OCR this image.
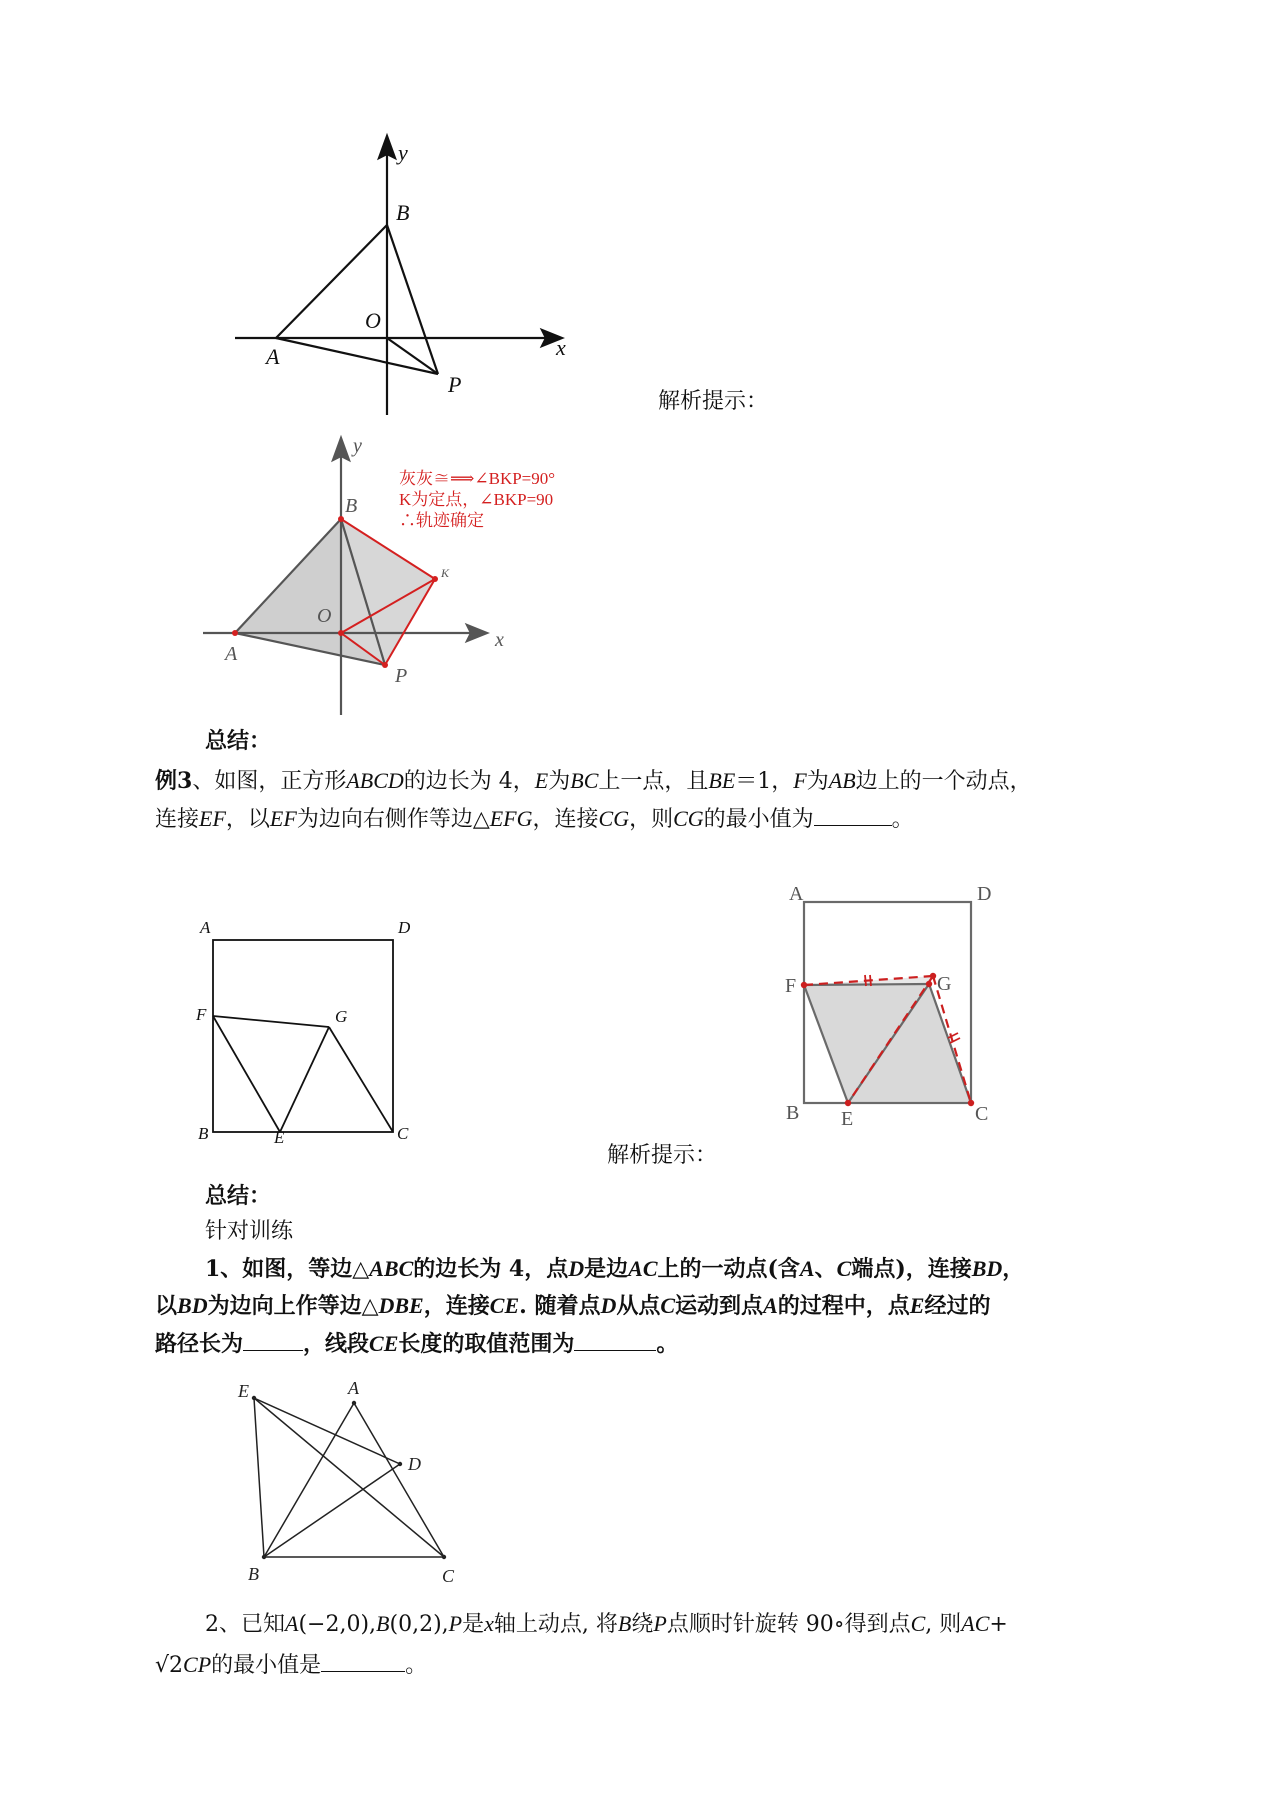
y
B
O
x
A
P
解析提示：
y
B
O
x
A
P
K
灰灰≅⟹∠BKP=90°
K为定点，∠BKP=90
∴轨迹确定
总结：
例3、如图，正方形ABCD的边长为 4，E为BC上一点，且BE＝1，F为AB边上的一个动点，
连接EF，以EF为边向右侧作等边△EFG，连接CG，则CG的最小值为	。
A	D
F	G
B	E	C
A	D
F	G
B E	C
解析提示：
总结：
针对训练
1、如图，等边△ABC的边长为 4，点D是边AC上的一动点(含A、C端点)，连接BD，
以BD为边向上作等边△DBE，连接CE. 随着点D从点C运动到点A的过程中，点E经过的
路径长为	，线段CE长度的取值范围为	。
E	A
D
B	C
2、已知A(−2,0),B(0,2),P是x轴上动点, 将B绕P点顺时针旋转 90∘得到点C, 则AC+
√2CP的最小值是	。
